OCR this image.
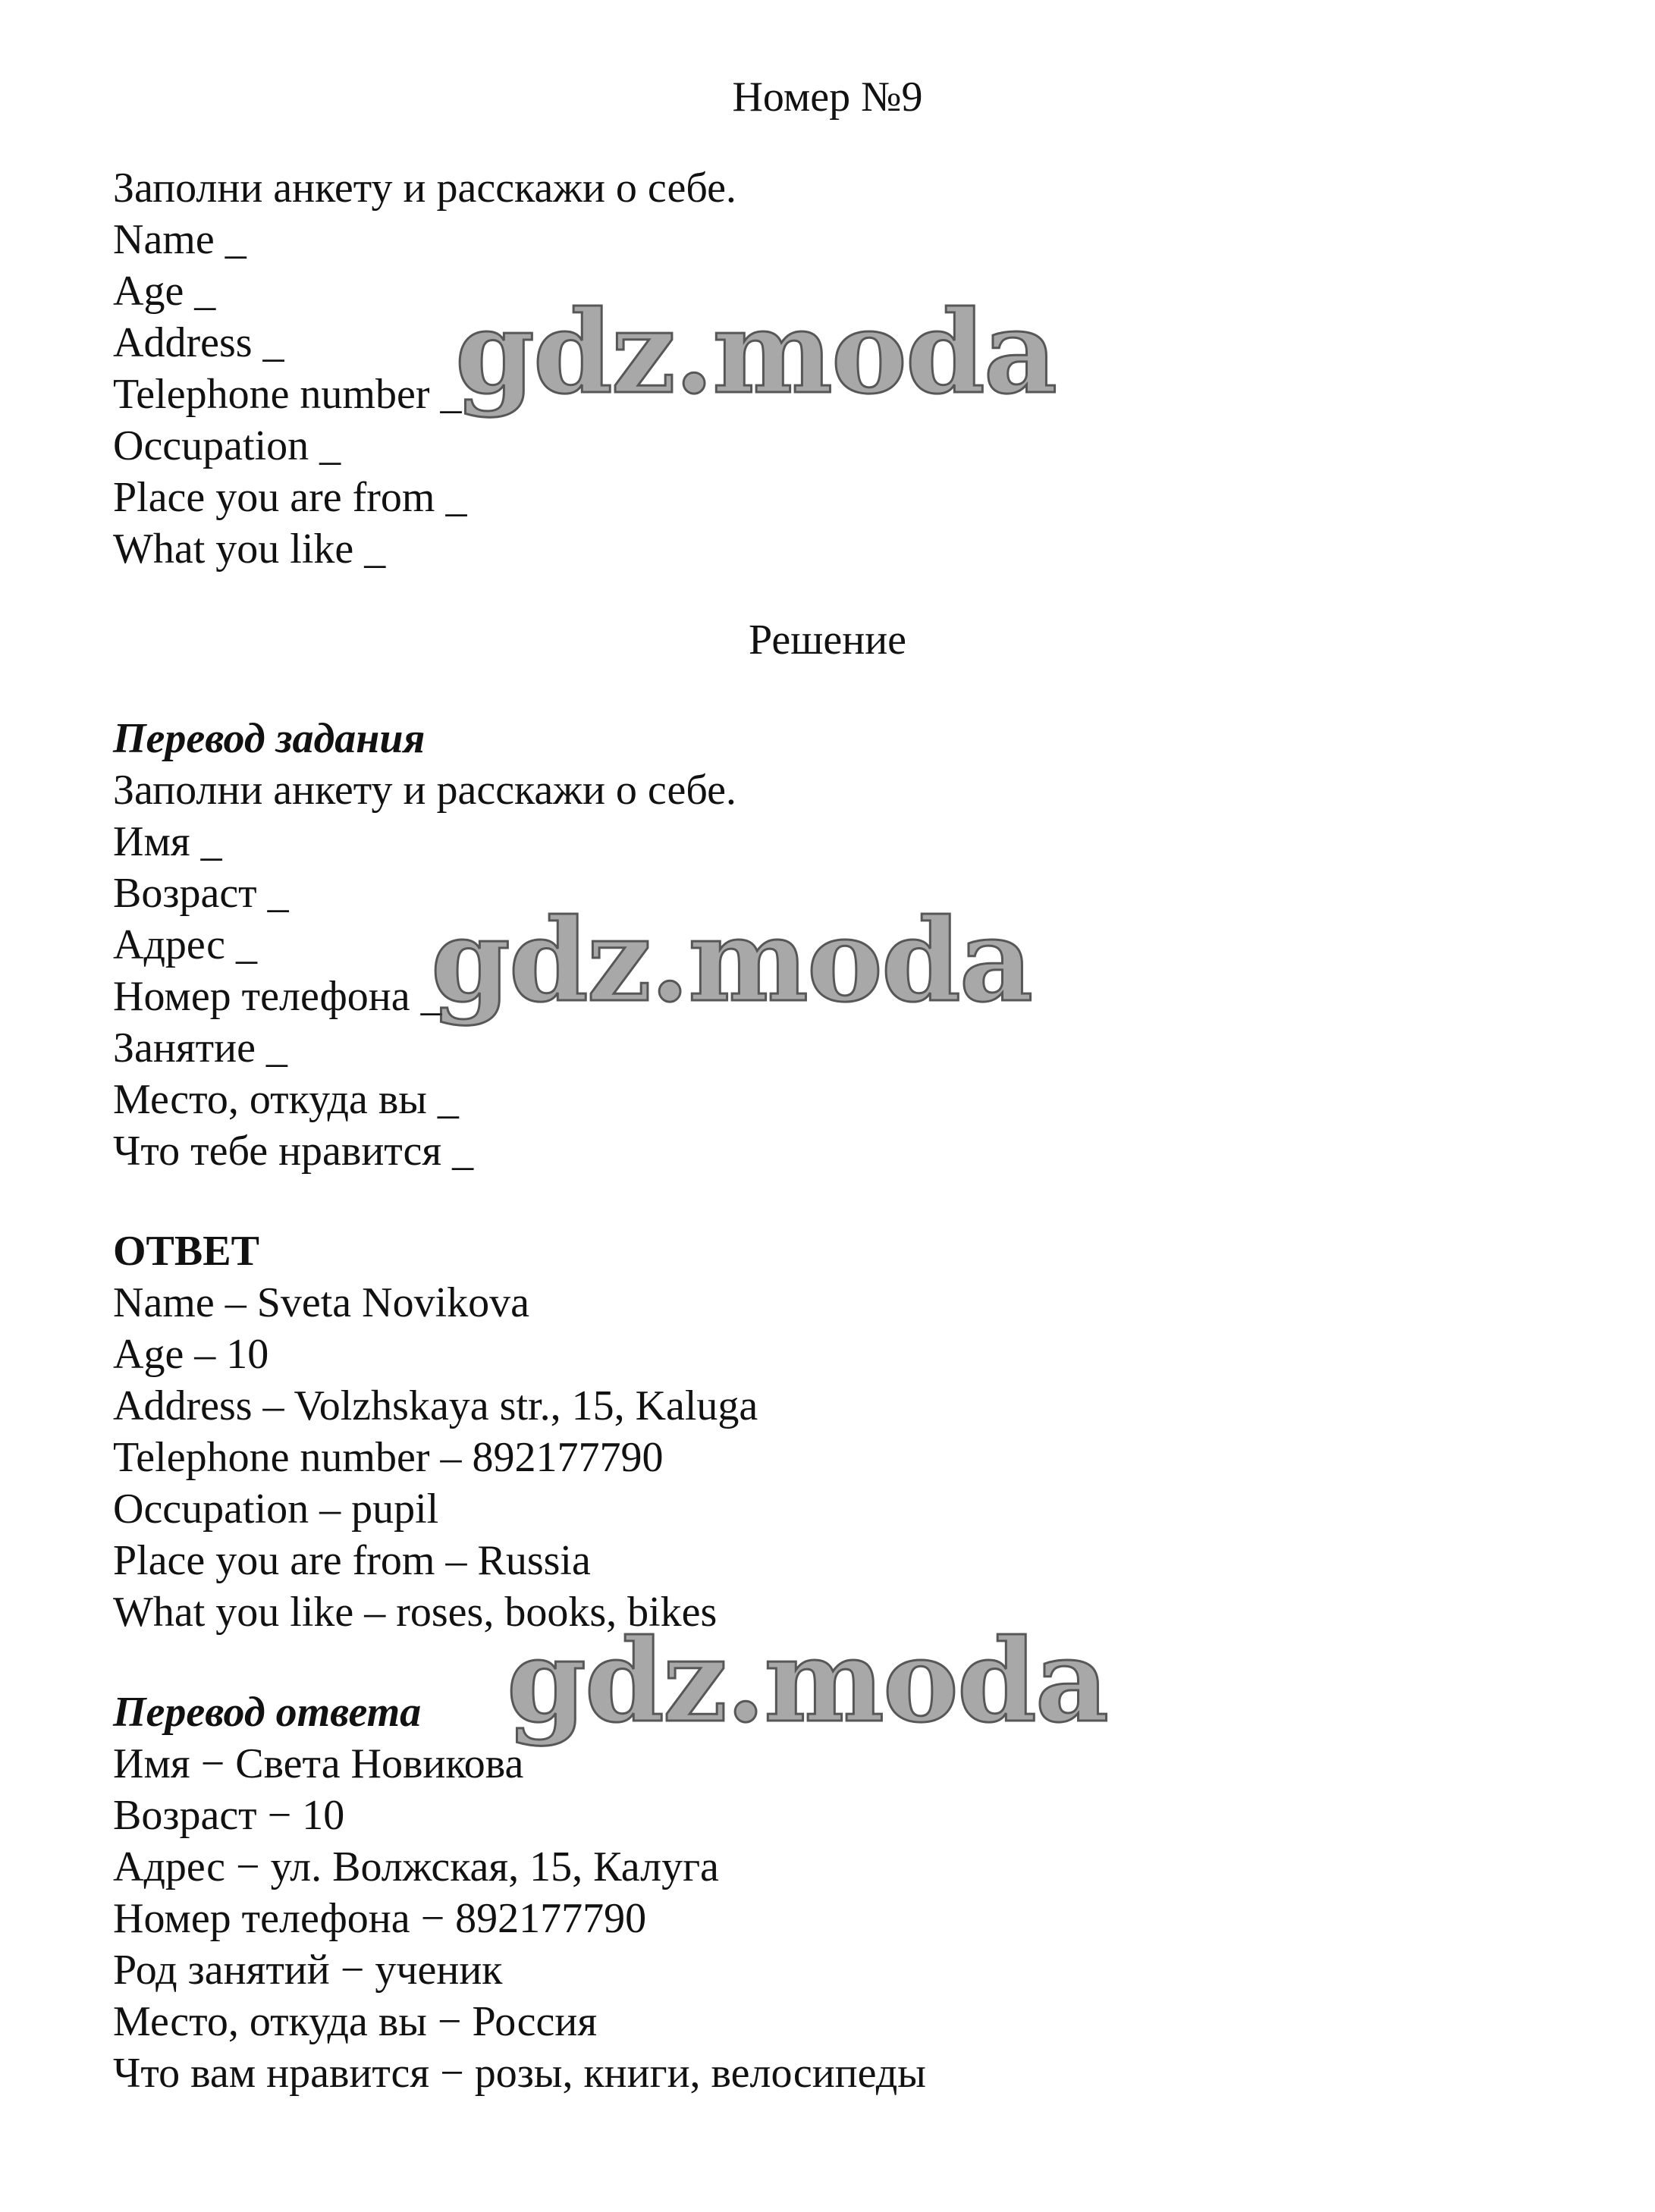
Номер №9
Заполни анкету и расскажи о себе.
Name _
Age _
Address _
Telephone number _
Occupation _
Place you are from _
What you like _
Решение
Перевод задания
Заполни анкету и расскажи о себе.
Имя _
Возраст _
Адрес _
Номер телефона _
Занятие _
Место, откуда вы _
Что тебе нравится _
ОТВЕТ
Name – Sveta Novikova
Age – 10
Address – Volzhskaya str., 15, Kaluga
Telephone number – 892177790
Occupation – pupil
Place you are from – Russia
What you like – roses, books, bikes
Перевод ответа
Имя − Света Новикова
Возраст − 10
Адрес − ул. Волжская, 15, Калуга
Номер телефона − 892177790
Род занятий − ученик
Место, откуда вы − Россия
Что вам нравится − розы, книги, велосипеды
gdz.moda
gdz.moda
gdz.moda
